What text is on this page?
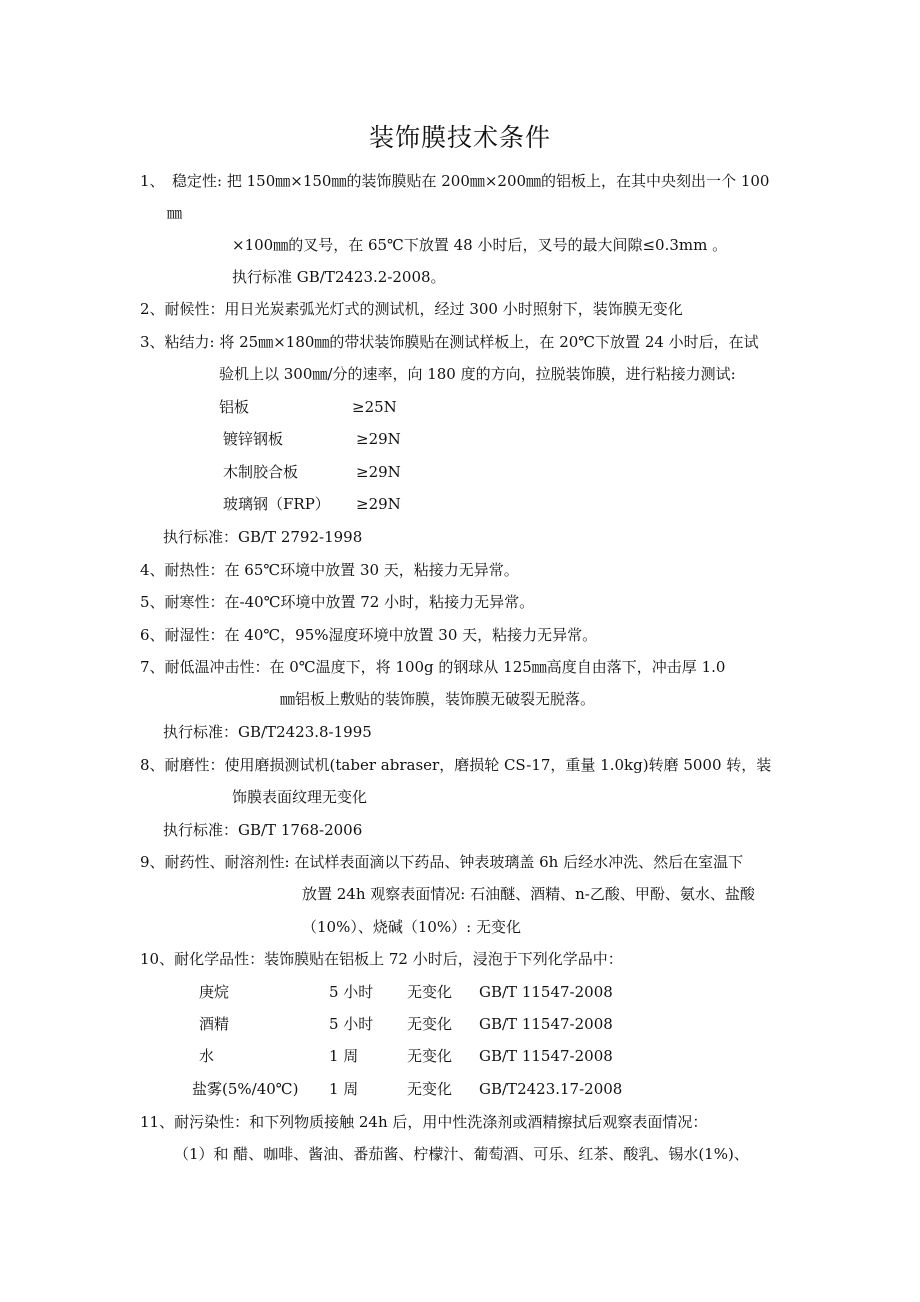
装饰膜技术条件
1、　稳定性: 把 150㎜×150㎜的装饰膜贴在 200㎜×200㎜的铝板上，在其中央刻出一个 100
㎜
×100㎜的叉号，在 65℃下放置 48 小时后，叉号的最大间隙≤0.3mm 。
执行标准 GB/T2423.2-2008。
2、耐候性：用日光炭素弧光灯式的测试机，经过 300 小时照射下，装饰膜无变化
3、粘结力: 将 25㎜×180㎜的带状装饰膜贴在测试样板上，在 20℃下放置 24 小时后，在试
验机上以 300㎜/分的速率，向 180 度的方向，拉脱装饰膜，进行粘接力测试:
铝板	≥25N
镀锌钢板	≥29N
木制胶合板	≥29N
玻璃钢（FRP） ≥29N
执行标准：GB/T 2792-1998
4、耐热性：在 65℃环境中放置 30 天，粘接力无异常。
5、耐寒性：在-40℃环境中放置 72 小时，粘接力无异常。
6、耐湿性：在 40℃，95%湿度环境中放置 30 天，粘接力无异常。
7、耐低温冲击性：在 0℃温度下，将 100g 的钢球从 125㎜高度自由落下，冲击厚 1.0
㎜铝板上敷贴的装饰膜，装饰膜无破裂无脱落。
执行标准：GB/T2423.8-1995
8、耐磨性：使用磨损测试机(taber abraser，磨损轮 CS-17，重量 1.0kg)转磨 5000 转，装
饰膜表面纹理无变化
执行标准：GB/T 1768-2006
9、耐药性、耐溶剂性: 在试样表面滴以下药品、钟表玻璃盖 6h 后经水冲洗、然后在室温下
放置 24h 观察表面情况: 石油醚、酒精、n-乙酸、甲酚、氨水、盐酸
（10%）、烧碱（10%）: 无变化
10、耐化学品性：装饰膜贴在铝板上 72 小时后，浸泡于下列化学品中：
庚烷	5 小时 无变化 GB/T 11547-2008
酒精	5 小时 无变化 GB/T 11547-2008
水	1 周	无变化 GB/T 11547-2008
盐雾(5%/40℃) 1 周	无变化 GB/T2423.17-2008
11、耐污染性：和下列物质接触 24h 后，用中性洗涤剂或酒精擦拭后观察表面情况：
（1）和 醋、咖啡、酱油、番茄酱、柠檬汁、葡萄酒、可乐、红茶、酸乳、锡水(1%)、
